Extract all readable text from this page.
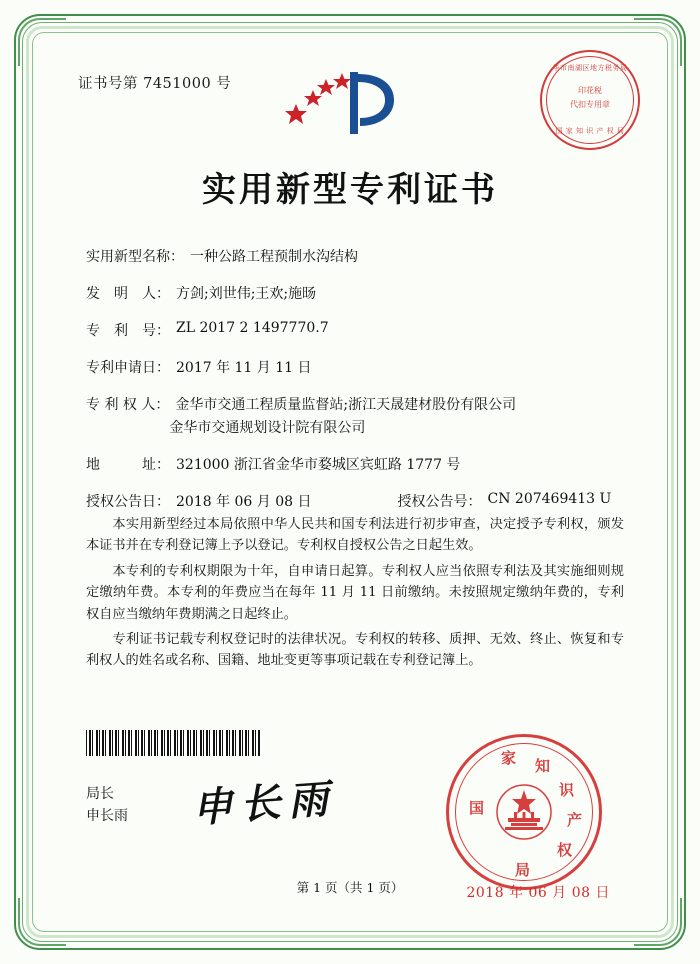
证书号第 7451000 号
华市南湖区地方税务局
印花税
代扣专用章
国 家 知 识 产 权 局
实用新型专利证书
实用新型名称： 一种公路工程预制水沟结构
发　明　人： 方剑;刘世伟;王欢;施旸
专　利　号： ZL 2017 2 1497770.7
专利申请日： 2017 年 11 月 11 日
专 利 权 人： 金华市交通工程质量监督站;浙江天晟建材股份有限公司
金华市交通规划设计院有限公司
地　　　址： 321000 浙江省金华市婺城区宾虹路 1777 号
授权公告日： 2018 年 06 月 08 日	授权公告号： CN 207469413 U

本实用新型经过本局依照中华人民共和国专利法进行初步审查，决定授予专利权，颁发本证书并在专利登记簿上予以登记。专利权自授权公告之日起生效。

本专利的专利权期限为十年，自申请日起算。专利权人应当依照专利法及其实施细则规定缴纳年费。本专利的年费应当在每年 11 月 11 日前缴纳。未按照规定缴纳年费的，专利权自应当缴纳年费期满之日起终止。

专利证书记载专利权登记时的法律状况。专利权的转移、质押、无效、终止、恢复和专利权人的姓名或名称、国籍、地址变更等事项记载在专利登记簿上。

局长
申长雨 申长雨
家 知
识
产
权
局
国
2018 年 06 月 08 日
第 1 页（共 1 页）
